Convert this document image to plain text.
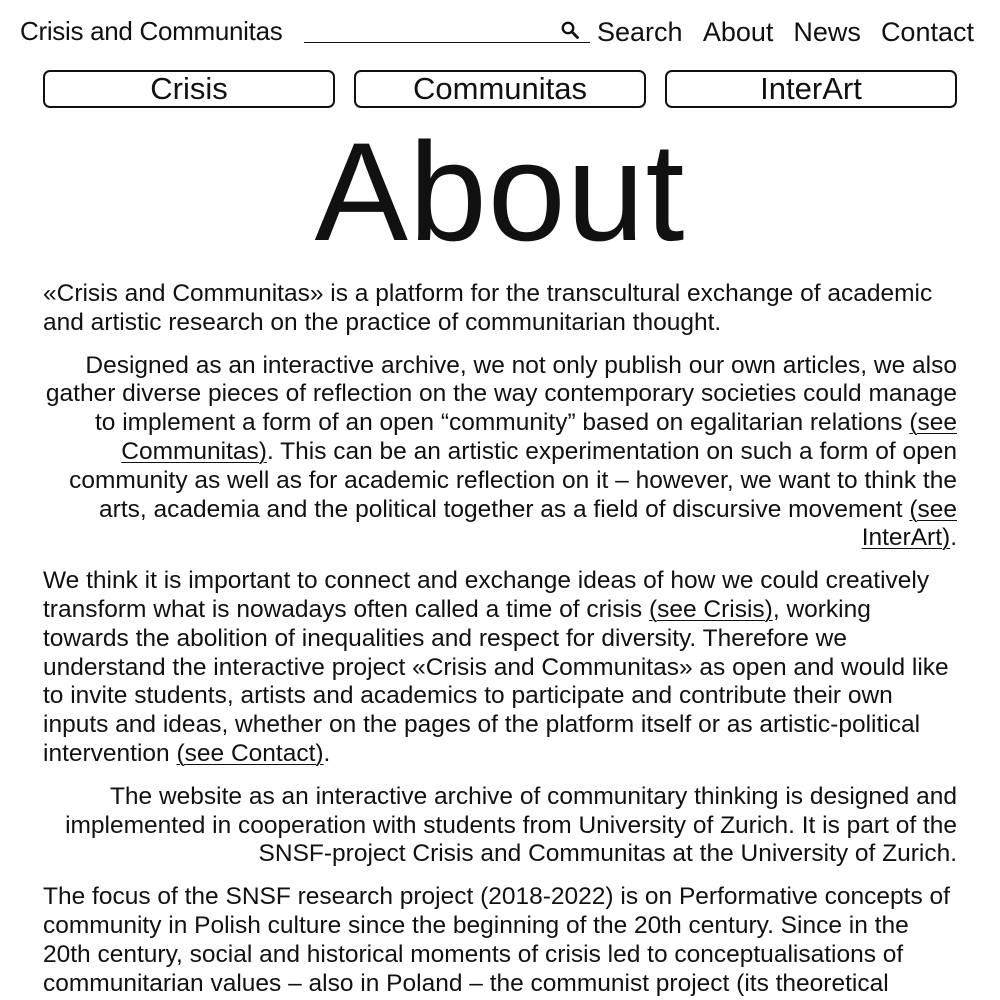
Crisis and Communitas	Search About News Contact
Crisis	Communitas	InterArt
About

«Crisis and Communitas» is a platform for the transcultural exchange of academic and artistic research on the practice of communitarian thought.

Designed as an interactive archive, we not only publish our own articles, we also gather diverse pieces of reflection on the way contemporary societies could manage to implement a form of an open “community” based on egalitarian relations (see Communitas). This can be an artistic experimentation on such a form of open community as well as for academic reflection on it – however, we want to think the arts, academia and the political together as a field of discursive movement (see InterArt).

We think it is important to connect and exchange ideas of how we could creatively transform what is nowadays often called a time of crisis (see Crisis), working towards the abolition of inequalities and respect for diversity. Therefore we understand the interactive project «Crisis and Communitas» as open and would like to invite students, artists and academics to participate and contribute their own inputs and ideas, whether on the pages of the platform itself or as artistic-political intervention (see Contact).

The website as an interactive archive of communitary thinking is designed and implemented in cooperation with students from University of Zurich. It is part of the SNSF-project Crisis and Communitas at the University of Zurich.

The focus of the SNSF research project (2018-2022) is on Performative concepts of community in Polish culture since the beginning of the 20th century. Since in the 20th century, social and historical moments of crisis led to conceptualisations of communitarian values – also in Poland – the communist project (its theoretical
